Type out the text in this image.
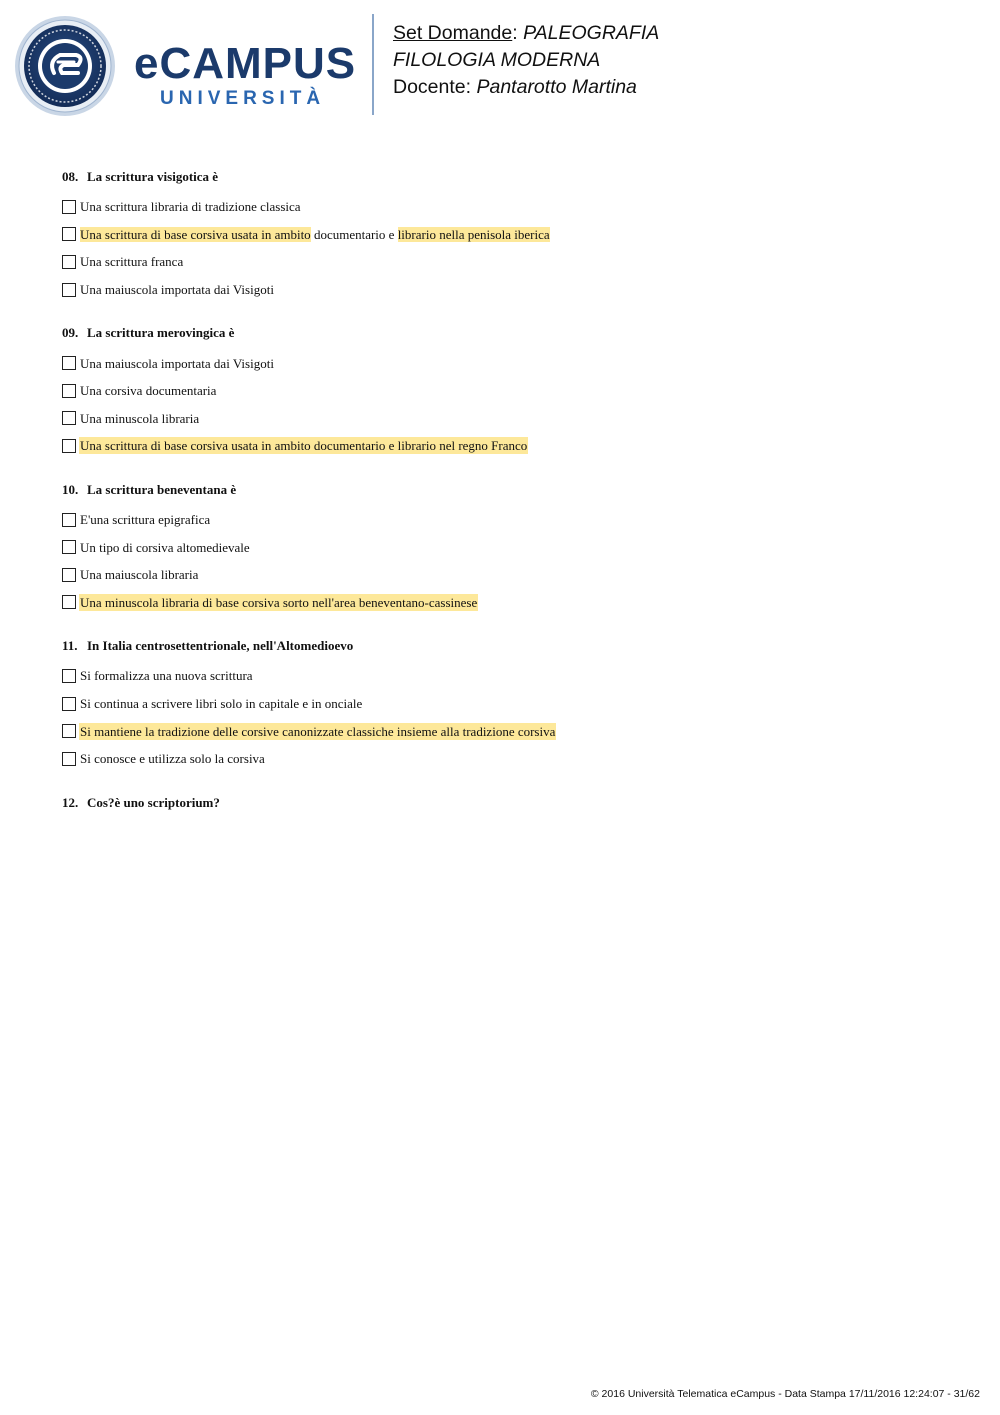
eCAMPUS
UNIVERSITÀ
Set Domande: PALEOGRAFIA
FILOLOGIA MODERNA
Docente: Pantarotto Martina
08. La scrittura visigotica è
Una scrittura libraria di tradizione classica
Una scrittura di base corsiva usata in ambito documentario e librario nella penisola iberica
Una scrittura franca
Una maiuscola importata dai Visigoti
09. La scrittura merovingica è
Una maiuscola importata dai Visigoti
Una corsiva documentaria
Una minuscola libraria
Una scrittura di base corsiva usata in ambito documentario e librario nel regno Franco
10. La scrittura beneventana è
E'una scrittura epigrafica
Un tipo di corsiva altomedievale
Una maiuscola libraria
Una minuscola libraria di base corsiva sorto nell'area beneventano-cassinese
11. In Italia centrosettentrionale, nell'Altomedioevo
Si formalizza una nuova scrittura
Si continua a scrivere libri solo in capitale e in onciale
Si mantiene la tradizione delle corsive canonizzate classiche insieme alla tradizione corsiva
Si conosce e utilizza solo la corsiva
12. Cos?è uno scriptorium?
© 2016 Università Telematica eCampus - Data Stampa 17/11/2016 12:24:07 - 31/62
